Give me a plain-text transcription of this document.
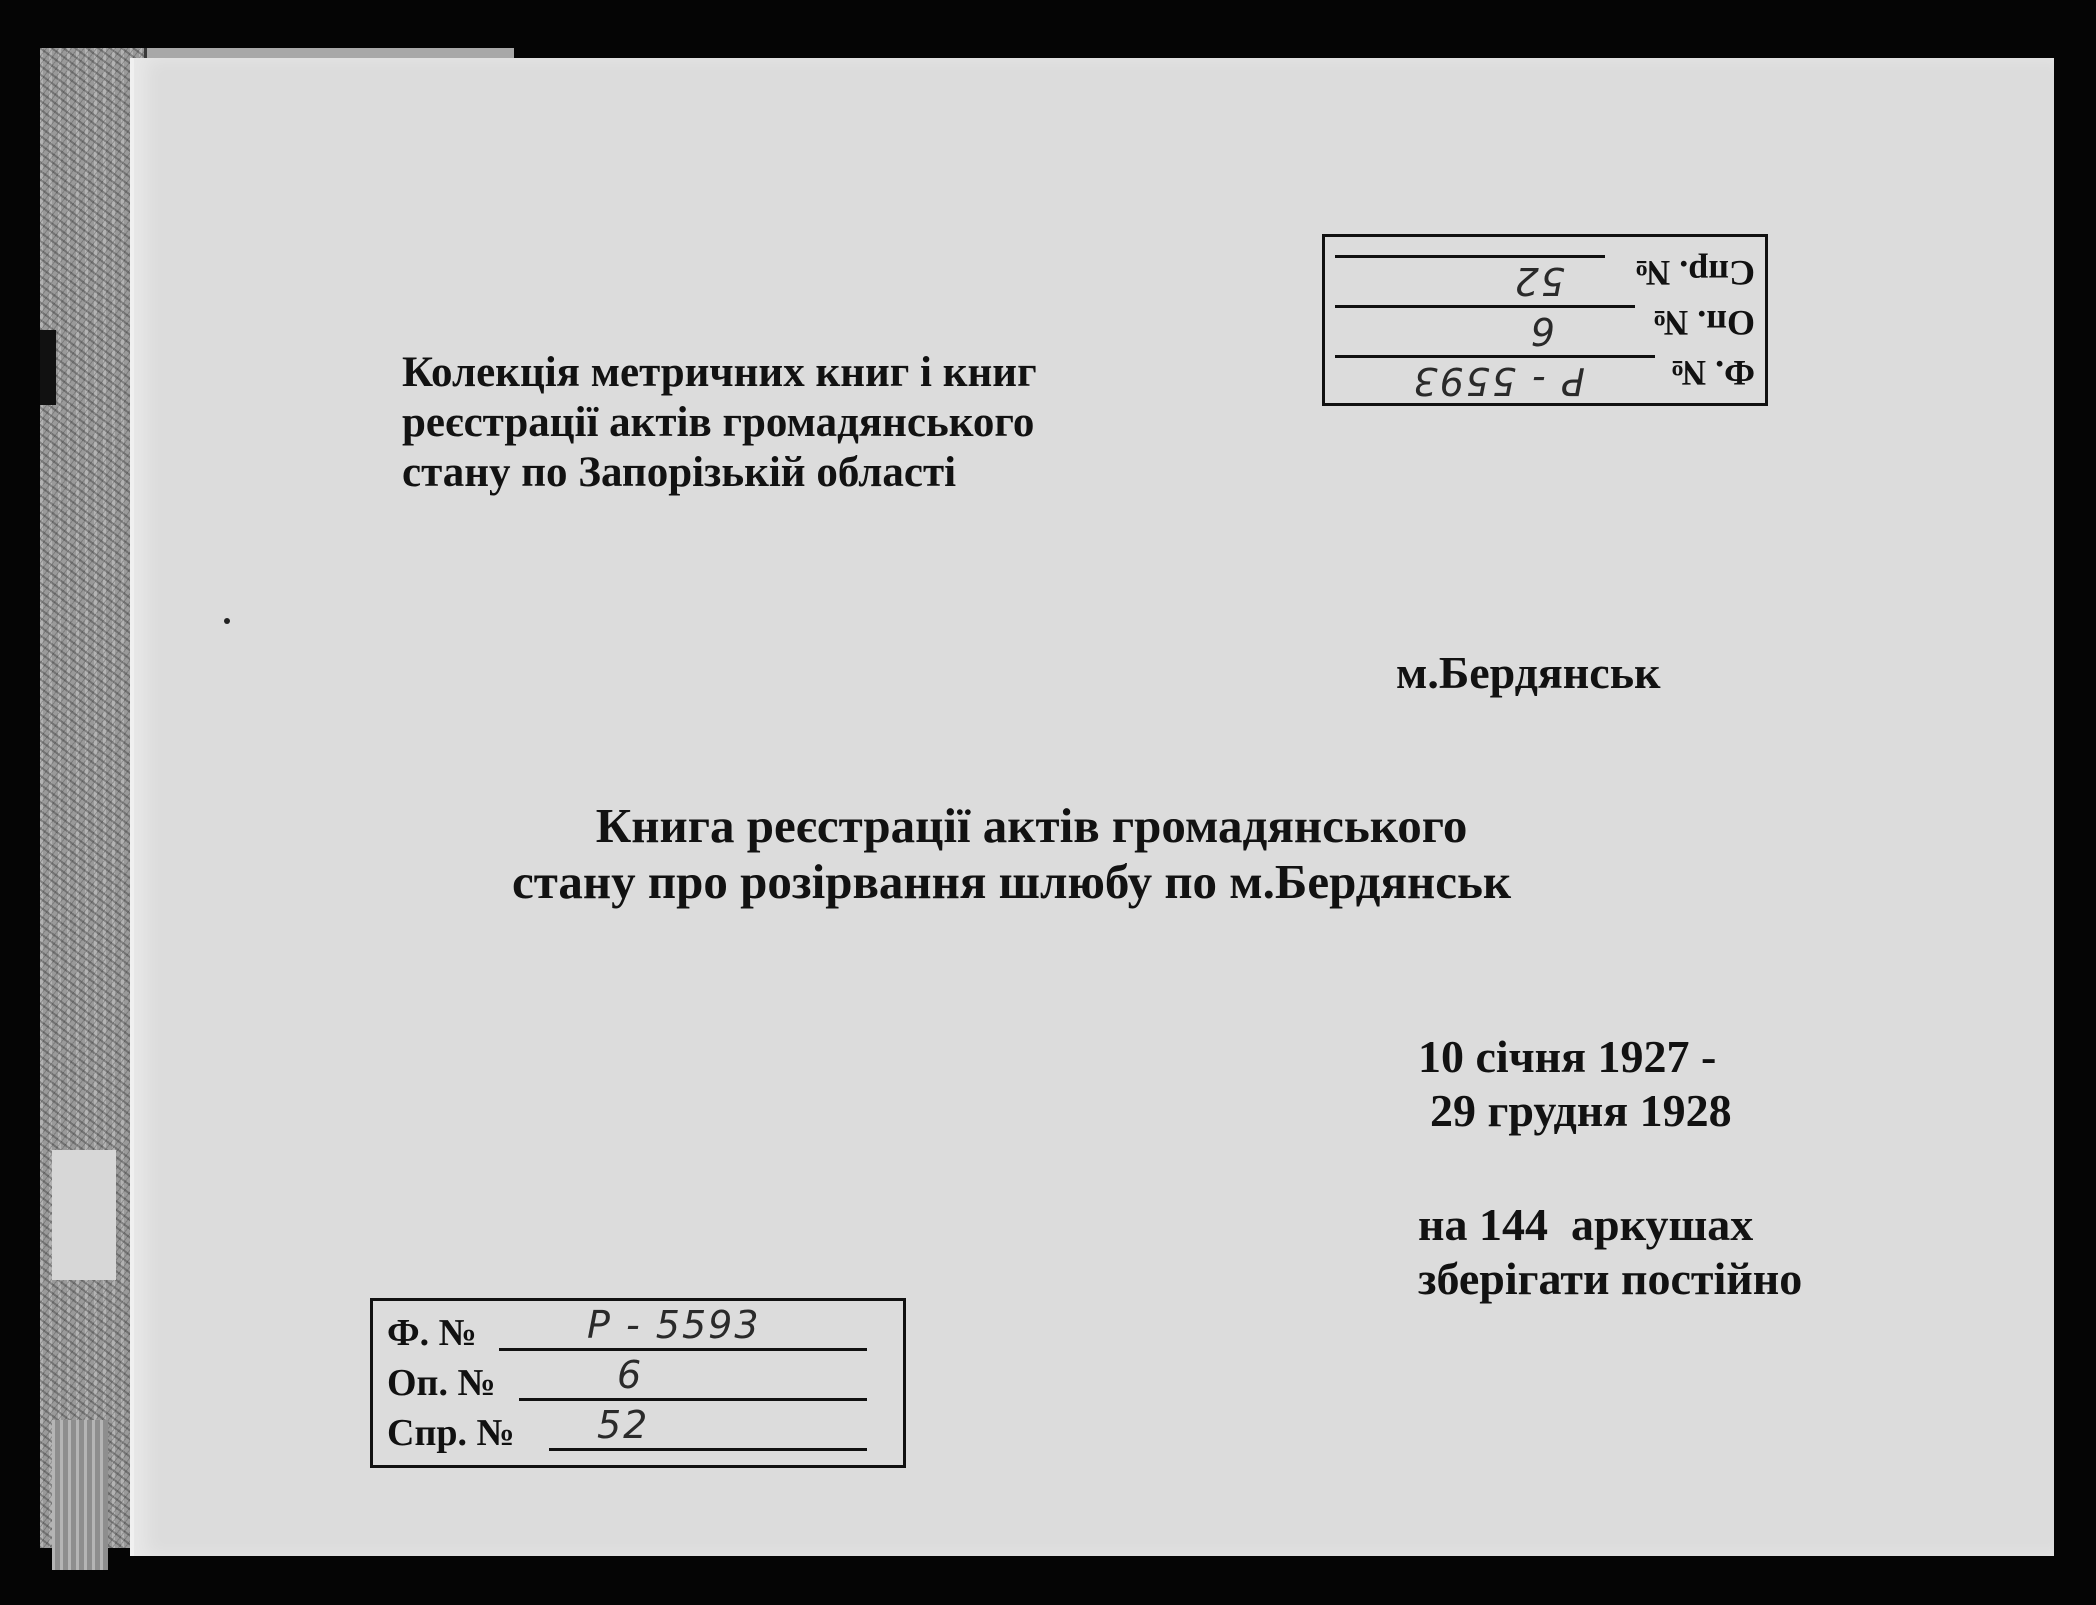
Колекція метричних книг і книг
реєстрації актів громадянського
стану по Запорізькій області
м.Бердянськ
Книга реєстрації актів громадянського
стану про розірвання шлюбу по м.Бердянськ
10 січня 1927 -
29 грудня 1928
на 144  аркушах
зберігати постійно
Ф. №
Р - 5593
Оп. №
6
Спр. №
52
Ф. №	Р - 5593
Оп. №	6
Спр. № 52
